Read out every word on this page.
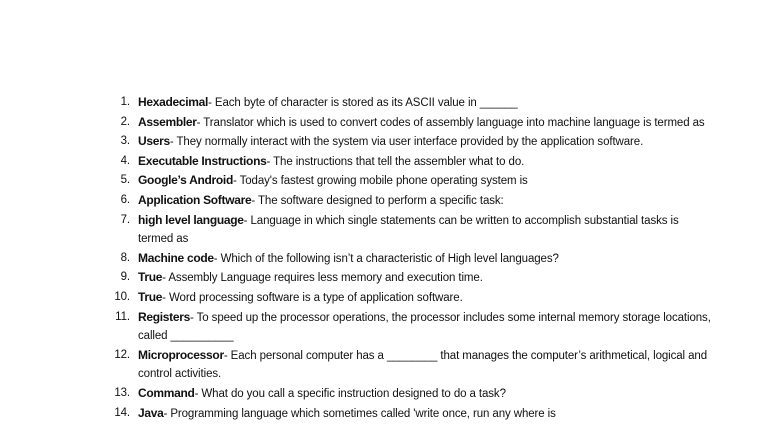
1. Hexadecimal- Each byte of character is stored as its ASCII value in ______
2. Assembler- Translator which is used to convert codes of assembly language into machine language is termed as
3. Users- They normally interact with the system via user interface provided by the application software.
4. Executable Instructions- The instructions that tell the assembler what to do.
5. Google’s Android- Today's fastest growing mobile phone operating system is
6. Application Software- The software designed to perform a specific task:
7. high level language- Language in which single statements can be written to accomplish substantial tasks is termed as
8. Machine code- Which of the following isn’t a characteristic of High level languages?
9. True- Assembly Language requires less memory and execution time.
10. True- Word processing software is a type of application software.
11. Registers- To speed up the processor operations, the processor includes some internal memory storage locations, called __________
12. Microprocessor- Each personal computer has a ________ that manages the computer’s arithmetical, logical and control activities.
13. Command- What do you call a specific instruction designed to do a task?
14. Java- Programming language which sometimes called 'write once, run any where is
